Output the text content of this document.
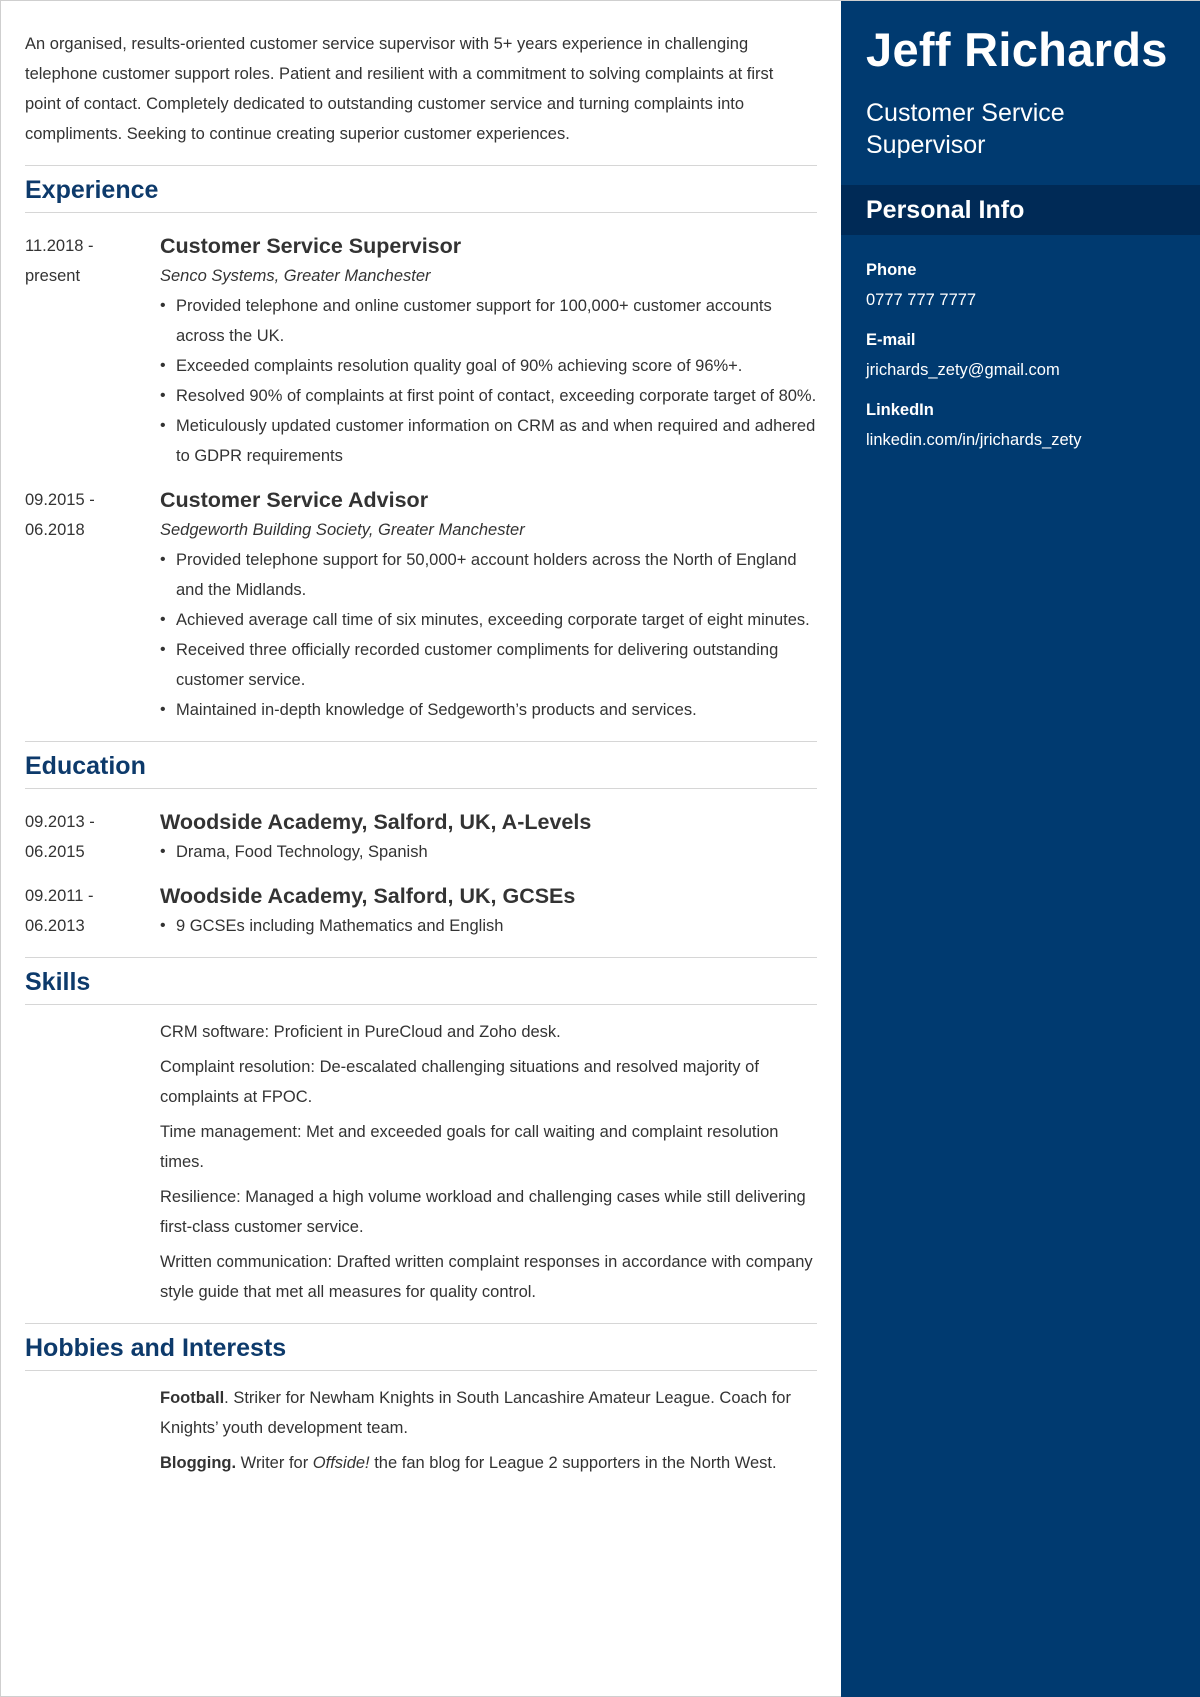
An organised, results-oriented customer service supervisor with 5+ years experience in challenging telephone customer support roles. Patient and resilient with a commitment to solving complaints at first point of contact. Completely dedicated to outstanding customer service and turning complaints into compliments. Seeking to continue creating superior customer experiences.

Experience
11.2018 -
present
Customer Service Supervisor
Senco Systems, Greater Manchester
• Provided telephone and online customer support for 100,000+ customer accounts across the UK.
• Exceeded complaints resolution quality goal of 90% achieving score of 96%+.
• Resolved 90% of complaints at first point of contact, exceeding corporate target of 80%.
• Meticulously updated customer information on CRM as and when required and adhered to GDPR requirements
09.2015 -
06.2018
Customer Service Advisor
Sedgeworth Building Society, Greater Manchester
• Provided telephone support for 50,000+ account holders across the North of England and the Midlands.
• Achieved average call time of six minutes, exceeding corporate target of eight minutes.
• Received three officially recorded customer compliments for delivering outstanding customer service.
• Maintained in-depth knowledge of Sedgeworth’s products and services.
Education
09.2013 -
06.2015
Woodside Academy, Salford, UK, A-Levels
• Drama, Food Technology, Spanish
09.2011 -
06.2013
Woodside Academy, Salford, UK, GCSEs
• 9 GCSEs including Mathematics and English
Skills

CRM software: Proficient in PureCloud and Zoho desk.

Complaint resolution: De-escalated challenging situations and resolved majority of complaints at FPOC.

Time management: Met and exceeded goals for call waiting and complaint resolution times.

Resilience: Managed a high volume workload and challenging cases while still delivering first-class customer service.

Written communication: Drafted written complaint responses in accordance with company style guide that met all measures for quality control.

Hobbies and Interests

Football. Striker for Newham Knights in South Lancashire Amateur League. Coach for Knights’ youth development team.

Blogging. Writer for Offside! the fan blog for League 2 supporters in the North West.

Jeff Richards
Customer Service Supervisor
Personal Info
Phone
0777 777 7777
E-mail
jrichards_zety@gmail.com
LinkedIn
linkedin.com/in/jrichards_zety
